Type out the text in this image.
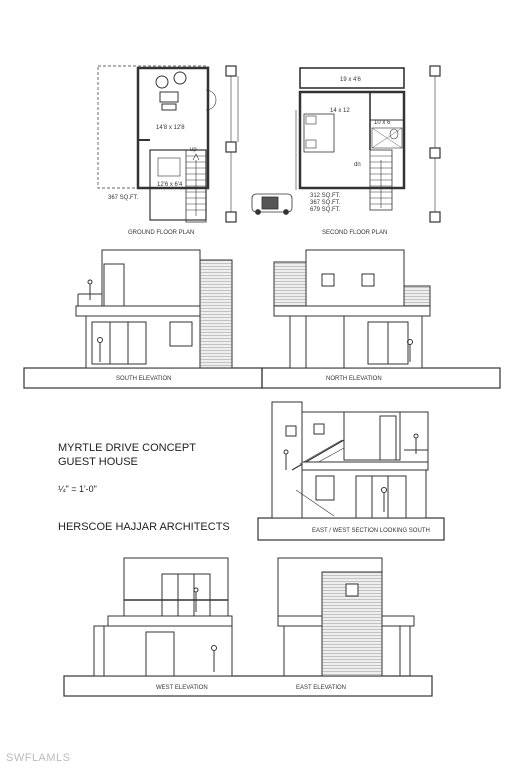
14'8 x 12'8
12'6 x 6'4
up
367 SQ.FT.
GROUND FLOOR PLAN
19 x 4'6
14 x 12
10 x 6
dn
312 SQ.FT.
367 SQ.FT.
679 SQ.FT.
SECOND FLOOR PLAN
SOUTH ELEVATION	NORTH ELEVATION
EAST / WEST SECTION LOOKING SOUTH
WEST ELEVATION	EAST ELEVATION
MYRTLE DRIVE CONCEPT
GUEST HOUSE
¼" = 1'-0"
HERSCOE HAJJAR ARCHITECTS
SWFLAMLS
